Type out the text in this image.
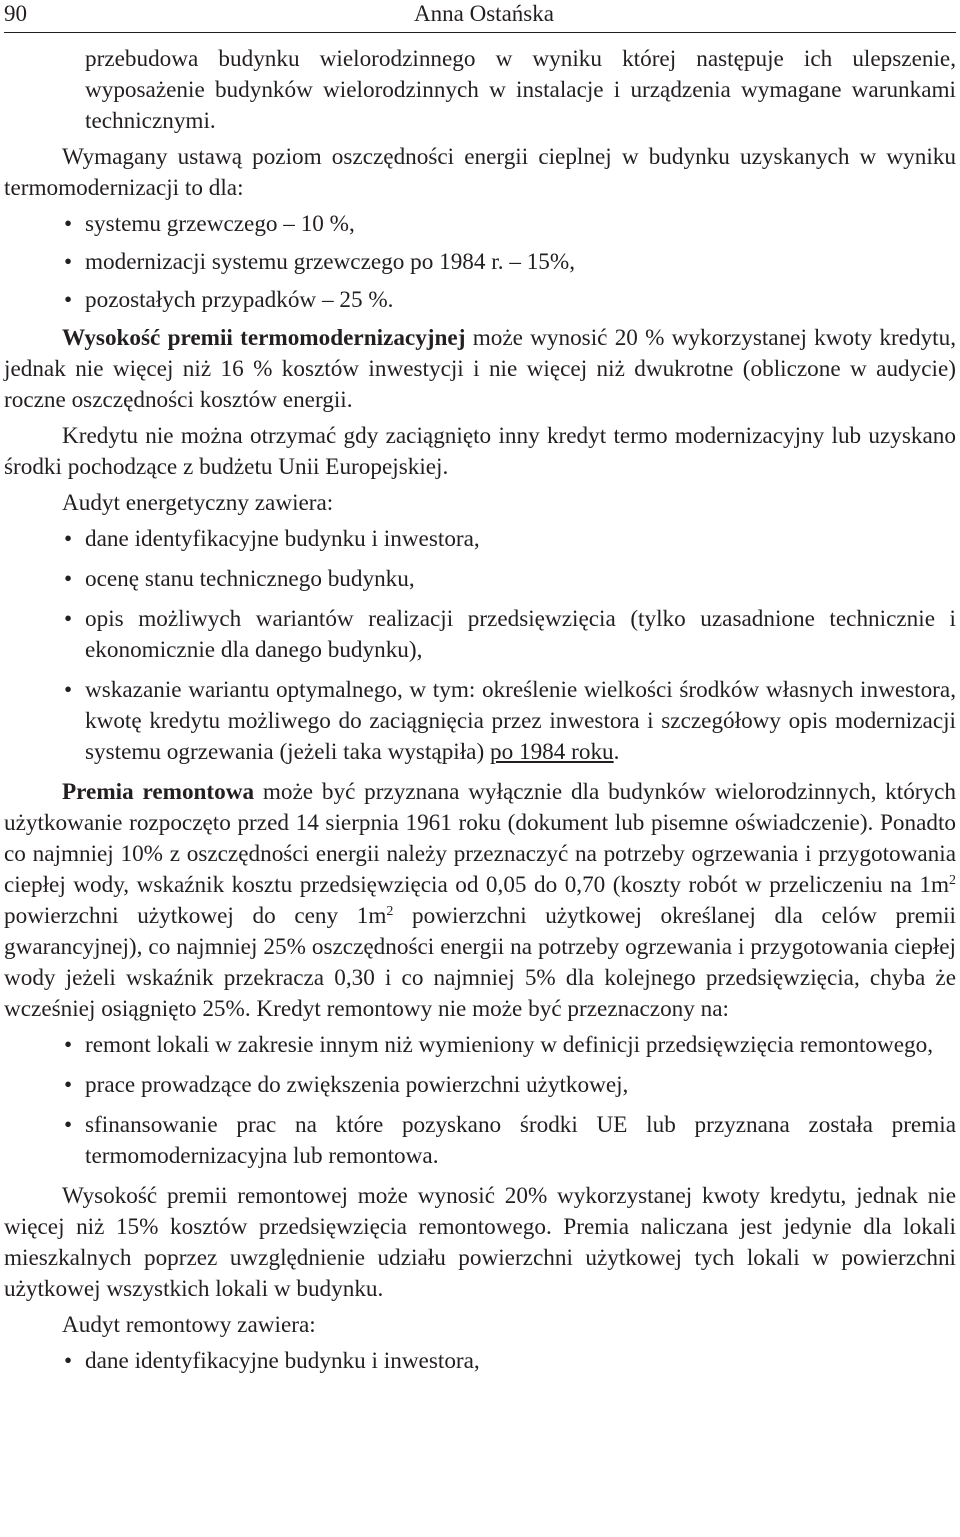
90	Anna Ostańska

przebudowa budynku wielorodzinnego w wyniku której następuje ich ulepszenie, wyposażenie budynków wielorodzinnych w instalacje i urządzenia wymagane warunkami technicznymi.

Wymagany ustawą poziom oszczędności energii cieplnej w budynku uzyskanych w wyniku termomodernizacji to dla:

• systemu grzewczego – 10 %,
• modernizacji systemu grzewczego po 1984 r. – 15%,
• pozostałych przypadków – 25 %.

Wysokość premii termomodernizacyjnej może wynosić 20 % wykorzystanej kwoty kredytu, jednak nie więcej niż 16 % kosztów inwestycji i nie więcej niż dwukrotne (obliczone w audycie) roczne oszczędności kosztów energii.

Kredytu nie można otrzymać gdy zaciągnięto inny kredyt termo modernizacyjny lub uzyskano środki pochodzące z budżetu Unii Europejskiej.

Audyt energetyczny zawiera:

• dane identyfikacyjne budynku i inwestora,
• ocenę stanu technicznego budynku,
• opis możliwych wariantów realizacji przedsięwzięcia (tylko uzasadnione technicznie i ekonomicznie dla danego budynku),
• wskazanie wariantu optymalnego, w tym: określenie wielkości środków własnych inwestora, kwotę kredytu możliwego do zaciągnięcia przez inwestora i szczegółowy opis modernizacji systemu ogrzewania (jeżeli taka wystąpiła) po 1984 roku.

Premia remontowa może być przyznana wyłącznie dla budynków wielorodzinnych, których użytkowanie rozpoczęto przed 14 sierpnia 1961 roku (dokument lub pisemne oświadczenie). Ponadto co najmniej 10% z oszczędności energii należy przeznaczyć na potrzeby ogrzewania i przygotowania ciepłej wody, wskaźnik kosztu przedsięwzięcia od 0,05 do 0,70 (koszty robót w przeliczeniu na $1m^2$ powierzchni użytkowej do ceny $1m^2$ powierzchni użytkowej określanej dla celów premii gwarancyjnej), co najmniej 25% oszczędności energii na potrzeby ogrzewania i przygotowania ciepłej wody jeżeli wskaźnik przekracza 0,30 i co najmniej 5% dla kolejnego przedsięwzięcia, chyba że wcześniej osiągnięto 25%. Kredyt remontowy nie może być przeznaczony na:

• remont lokali w zakresie innym niż wymieniony w definicji przedsięwzięcia remontowego,
• prace prowadzące do zwiększenia powierzchni użytkowej,
• sfinansowanie prac na które pozyskano środki UE lub przyznana została premia termomodernizacyjna lub remontowa.

Wysokość premii remontowej może wynosić 20% wykorzystanej kwoty kredytu, jednak nie więcej niż 15% kosztów przedsięwzięcia remontowego. Premia naliczana jest jedynie dla lokali mieszkalnych poprzez uwzględnienie udziału powierzchni użytkowej tych lokali w powierzchni użytkowej wszystkich lokali w budynku.

Audyt remontowy zawiera:

• dane identyfikacyjne budynku i inwestora,
